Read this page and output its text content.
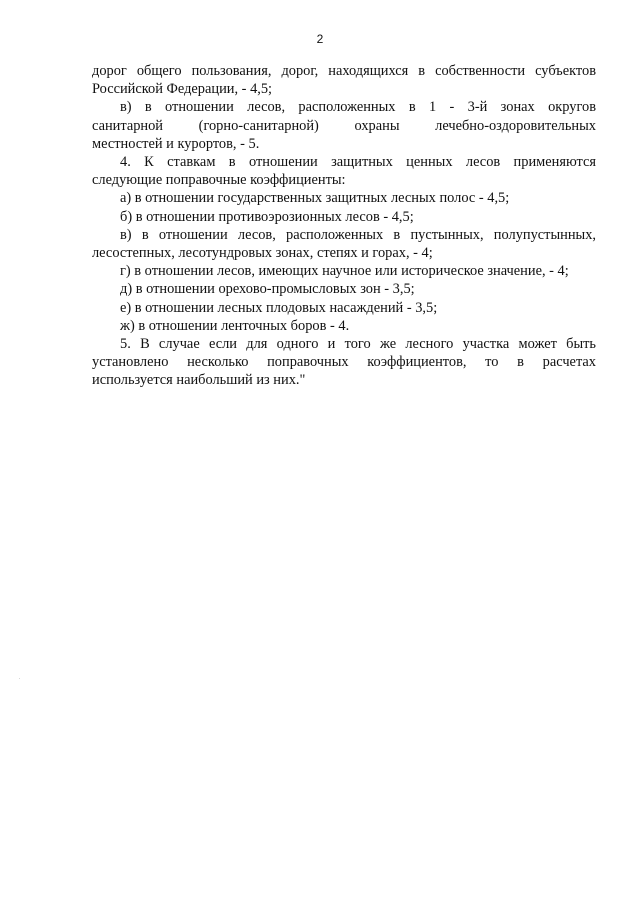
2
дорог общего пользования, дорог, находящихся в собственности субъектов
Российской Федерации, - 4,5;
в) в отношении лесов, расположенных в 1 - 3-й зонах округов
санитарной (горно-санитарной) охраны лечебно-оздоровительных
местностей и курортов, - 5.
4. К ставкам в отношении защитных ценных лесов применяются
следующие поправочные коэффициенты:
а) в отношении государственных защитных лесных полос - 4,5;
б) в отношении противоэрозионных лесов - 4,5;
в) в отношении лесов, расположенных в пустынных, полупустынных,
лесостепных, лесотундровых зонах, степях и горах, - 4;
г) в отношении лесов, имеющих научное или историческое значение, - 4;
д) в отношении орехово-промысловых зон - 3,5;
е) в отношении лесных плодовых насаждений - 3,5;
ж) в отношении ленточных боров - 4.
5. В случае если для одного и того же лесного участка может быть
установлено несколько поправочных коэффициентов, то в расчетах
используется наибольший из них."
